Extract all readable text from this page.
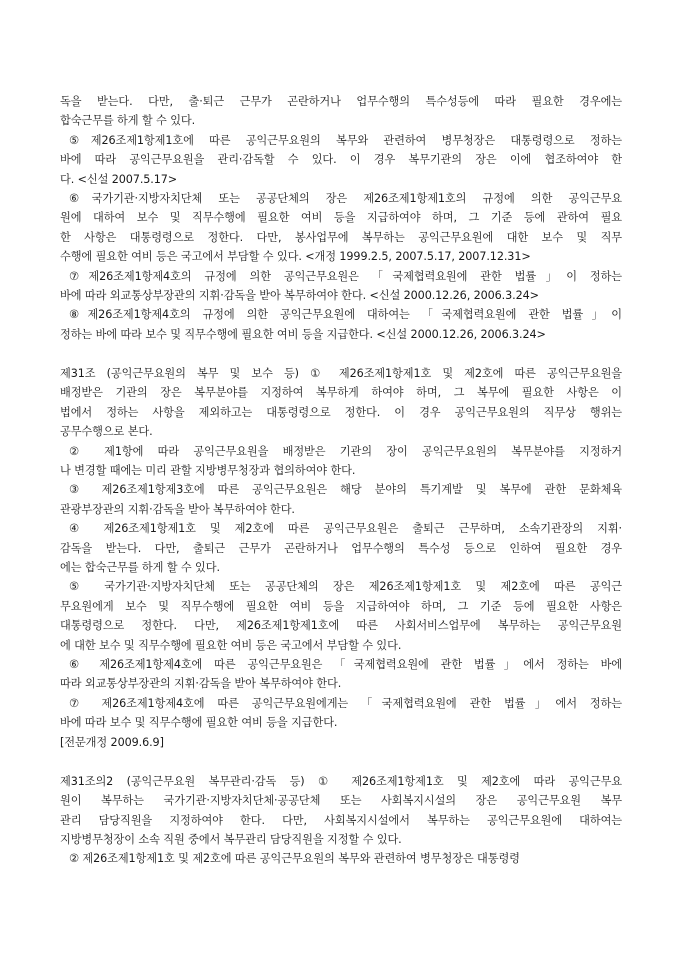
독을 받는다. 다만, 출·퇴근 근무가 곤란하거나 업무수행의 특수성등에 따라 필요한 경우에는
합숙근무를 하게 할 수 있다.
⑤제26조제1항제1호에 따른 공익근무요원의 복무와 관련하여 병무청장은 대통령령으로 정하는
바에 따라 공익근무요원을 관리·감독할 수 있다. 이 경우 복무기관의 장은 이에 협조하여야 한
다. <신설 2007.5.17>
⑥국가기관·지방자치단체 또는 공공단체의 장은 제26조제1항제1호의 규정에 의한 공익근무요
원에 대하여 보수 및 직무수행에 필요한 여비 등을 지급하여야 하며, 그 기준 등에 관하여 필요
한 사항은 대통령령으로 정한다. 다만, 봉사업무에 복무하는 공익근무요원에 대한 보수 및 직무
수행에 필요한 여비 등은 국고에서 부담할 수 있다. <개정 1999.2.5, 2007.5.17, 2007.12.31>
⑦제26조제1항제4호의 규정에 의한 공익근무요원은 「국제협력요원에 관한 법률」이 정하는
바에 따라 외교통상부장관의 지휘·감독을 받아 복무하여야 한다. <신설 2000.12.26, 2006.3.24>
⑧제26조제1항제4호의 규정에 의한 공익근무요원에 대하여는 「국제협력요원에 관한 법률」이
정하는 바에 따라 보수 및 직무수행에 필요한 여비 등을 지급한다. <신설 2000.12.26, 2006.3.24>
제31조 (공익근무요원의 복무 및 보수 등) ① 제26조제1항제1호 및 제2호에 따른 공익근무요원을
배정받은 기관의 장은 복무분야를 지정하여 복무하게 하여야 하며, 그 복무에 필요한 사항은 이
법에서 정하는 사항을 제외하고는 대통령령으로 정한다. 이 경우 공익근무요원의 직무상 행위는
공무수행으로 본다.
② 제1항에 따라 공익근무요원을 배정받은 기관의 장이 공익근무요원의 복무분야를 지정하거
나 변경할 때에는 미리 관할 지방병무청장과 협의하여야 한다.
③ 제26조제1항제3호에 따른 공익근무요원은 해당 분야의 특기계발 및 복무에 관한 문화체육
관광부장관의 지휘·감독을 받아 복무하여야 한다.
④ 제26조제1항제1호 및 제2호에 따른 공익근무요원은 출퇴근 근무하며, 소속기관장의 지휘·
감독을 받는다. 다만, 출퇴근 근무가 곤란하거나 업무수행의 특수성 등으로 인하여 필요한 경우
에는 합숙근무를 하게 할 수 있다.
⑤ 국가기관·지방자치단체 또는 공공단체의 장은 제26조제1항제1호 및 제2호에 따른 공익근
무요원에게 보수 및 직무수행에 필요한 여비 등을 지급하여야 하며, 그 기준 등에 필요한 사항은
대통령령으로 정한다. 다만, 제26조제1항제1호에 따른 사회서비스업무에 복무하는 공익근무요원
에 대한 보수 및 직무수행에 필요한 여비 등은 국고에서 부담할 수 있다.
⑥ 제26조제1항제4호에 따른 공익근무요원은 「국제협력요원에 관한 법률」에서 정하는 바에
따라 외교통상부장관의 지휘·감독을 받아 복무하여야 한다.
⑦ 제26조제1항제4호에 따른 공익근무요원에게는 「국제협력요원에 관한 법률」에서 정하는
바에 따라 보수 및 직무수행에 필요한 여비 등을 지급한다.
[전문개정 2009.6.9]
제31조의2 (공익근무요원 복무관리·감독 등) ① 제26조제1항제1호 및 제2호에 따라 공익근무요
원이 복무하는 국가기관·지방자치단체·공공단체 또는 사회복지시설의 장은 공익근무요원 복무
관리 담당직원을 지정하여야 한다. 다만, 사회복지시설에서 복무하는 공익근무요원에 대하여는
지방병무청장이 소속 직원 중에서 복무관리 담당직원을 지정할 수 있다.
② 제26조제1항제1호 및 제2호에 따른 공익근무요원의 복무와 관련하여 병무청장은 대통령령
